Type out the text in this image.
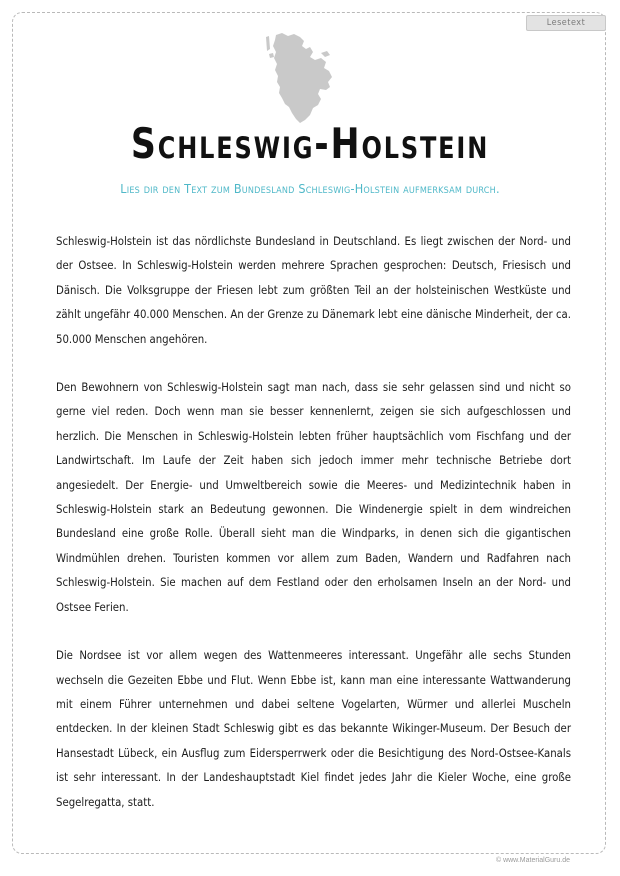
Lesetext
Schleswig-Holstein
Lies dir den Text zum Bundesland Schleswig-Holstein aufmerksam durch.

Schleswig-Holstein ist das nördlichste Bundesland in Deutschland. Es liegt zwischen der Nord- und der Ostsee. In Schleswig-Holstein werden mehrere Sprachen gesprochen: Deutsch, Friesisch und Dänisch. Die Volksgruppe der Friesen lebt zum größten Teil an der holsteinischen Westküste und zählt ungefähr 40.000 Menschen. An der Grenze zu Dänemark lebt eine dänische Minderheit, der ca. 50.000 Menschen angehören.

Den Bewohnern von Schleswig-Holstein sagt man nach, dass sie sehr gelassen sind und nicht so gerne viel reden. Doch wenn man sie besser kennenlernt, zeigen sie sich aufgeschlossen und herzlich. Die Menschen in Schleswig-Holstein lebten früher hauptsächlich vom Fischfang und der Landwirtschaft. Im Laufe der Zeit haben sich jedoch immer mehr technische Betriebe dort angesiedelt. Der Energie- und Umweltbereich sowie die Meeres- und Medizintechnik haben in Schleswig-Holstein stark an Bedeutung gewonnen. Die Windenergie spielt in dem windreichen Bundesland eine große Rolle. Überall sieht man die Windparks, in denen sich die gigantischen Windmühlen drehen. Touristen kommen vor allem zum Baden, Wandern und Radfahren nach Schleswig-Holstein. Sie machen auf dem Festland oder den erholsamen Inseln an der Nord- und Ostsee Ferien.

Die Nordsee ist vor allem wegen des Wattenmeeres interessant. Ungefähr alle sechs Stunden wechseln die Gezeiten Ebbe und Flut. Wenn Ebbe ist, kann man eine interessante Wattwanderung mit einem Führer unternehmen und dabei seltene Vogelarten, Würmer und allerlei Muscheln entdecken. In der kleinen Stadt Schleswig gibt es das bekannte Wikinger-Museum. Der Besuch der Hansestadt Lübeck, ein Ausflug zum Eidersperrwerk oder die Besichtigung des Nord-Ostsee-Kanals ist sehr interessant. In der Landeshauptstadt Kiel findet jedes Jahr die Kieler Woche, eine große Segelregatta, statt.

© www.MaterialGuru.de
